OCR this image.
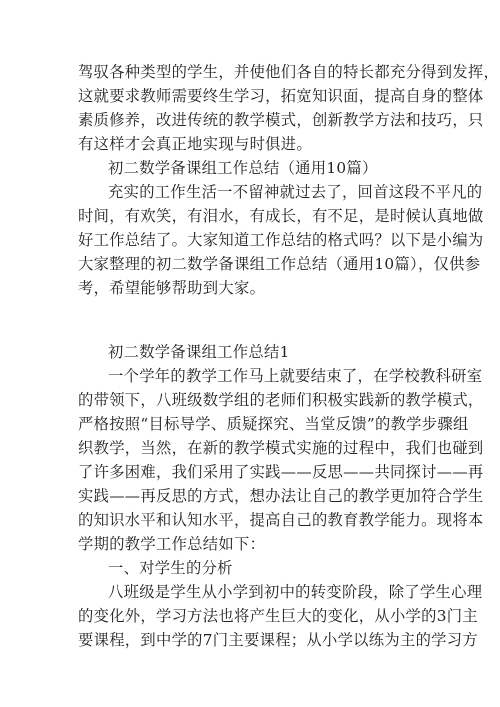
驾驭各种类型的学生，并使他们各自的特长都充分得到发挥，
这就要求教师需要终生学习，拓宽知识面，提高自身的整体
素质修养，改进传统的教学模式，创新教学方法和技巧，只
有这样才会真正地实现与时俱进。
初二数学备课组工作总结（通用10篇）
充实的工作生活一不留神就过去了，回首这段不平凡的
时间，有欢笑，有泪水，有成长，有不足，是时候认真地做
好工作总结了。大家知道工作总结的格式吗？以下是小编为
大家整理的初二数学备课组工作总结（通用10篇），仅供参
考，希望能够帮助到大家。
初二数学备课组工作总结1
一个学年的教学工作马上就要结束了，在学校教科研室
的带领下，八班级数学组的老师们积极实践新的教学模式，
严格按照“目标导学、质疑探究、当堂反馈”的教学步骤组
织教学，当然，在新的教学模式实施的过程中，我们也碰到
了许多困难，我们采用了实践——反思——共同探讨——再
实践——再反思的方式，想办法让自己的教学更加符合学生
的知识水平和认知水平，提高自己的教育教学能力。现将本
学期的教学工作总结如下：
一、对学生的分析
八班级是学生从小学到初中的转变阶段，除了学生心理
的变化外，学习方法也将产生巨大的变化，从小学的3门主
要课程，到中学的7门主要课程；从小学以练为主的学习方
